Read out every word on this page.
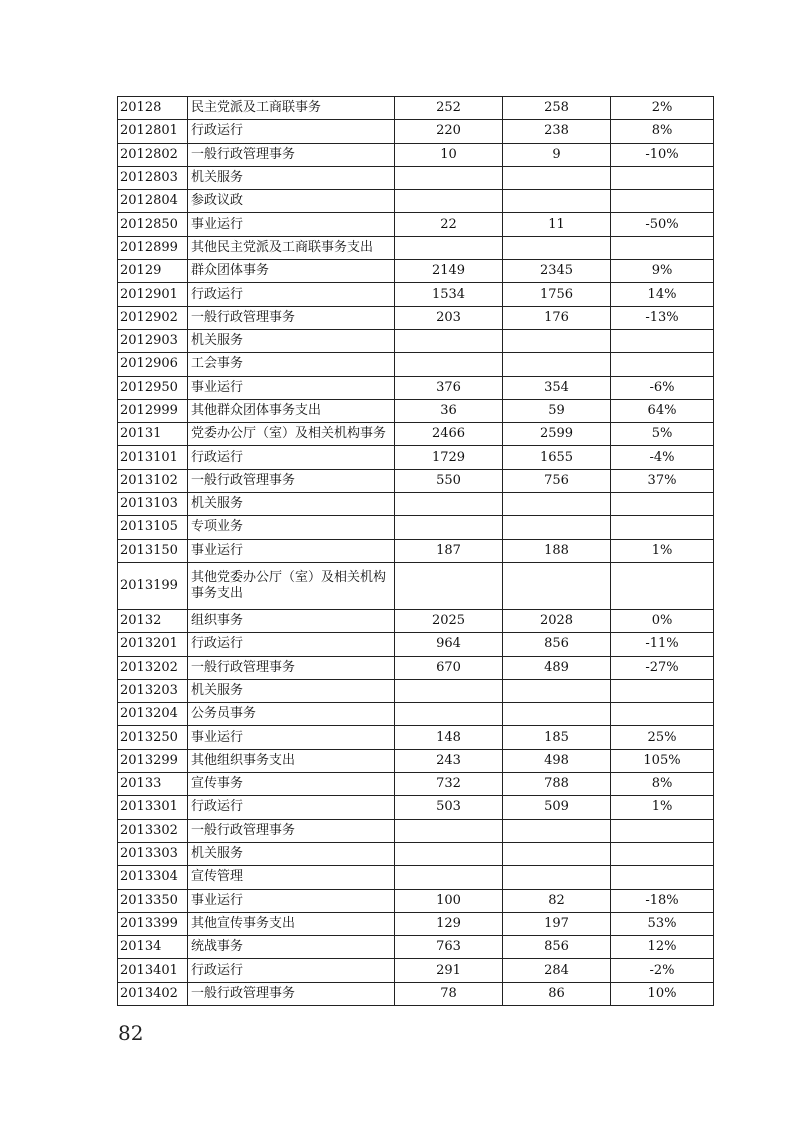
20128	民主党派及工商联事务	252	258	2%
2012801	行政运行	220	238	8%
2012802	一般行政管理事务	10	9	-10%
2012803	机关服务			
2012804	参政议政			
2012850	事业运行	22	11	-50%
2012899	其他民主党派及工商联事务支出			
20129	群众团体事务	2149	2345	9%
2012901	行政运行	1534	1756	14%
2012902	一般行政管理事务	203	176	-13%
2012903	机关服务			
2012906	工会事务			
2012950	事业运行	376	354	-6%
2012999	其他群众团体事务支出	36	59	64%
20131	党委办公厅（室）及相关机构事务	2466	2599	5%
2013101	行政运行	1729	1655	-4%
2013102	一般行政管理事务	550	756	37%
2013103	机关服务			
2013105	专项业务			
2013150	事业运行	187	188	1%
2013199	其他党委办公厅（室）及相关机构事务支出			
20132	组织事务	2025	2028	0%
2013201	行政运行	964	856	-11%
2013202	一般行政管理事务	670	489	-27%
2013203	机关服务			
2013204	公务员事务			
2013250	事业运行	148	185	25%
2013299	其他组织事务支出	243	498	105%
20133	宣传事务	732	788	8%
2013301	行政运行	503	509	1%
2013302	一般行政管理事务			
2013303	机关服务			
2013304	宣传管理			
2013350	事业运行	100	82	-18%
2013399	其他宣传事务支出	129	197	53%
20134	统战事务	763	856	12%
2013401	行政运行	291	284	-2%
2013402	一般行政管理事务	78	86	10%
82
